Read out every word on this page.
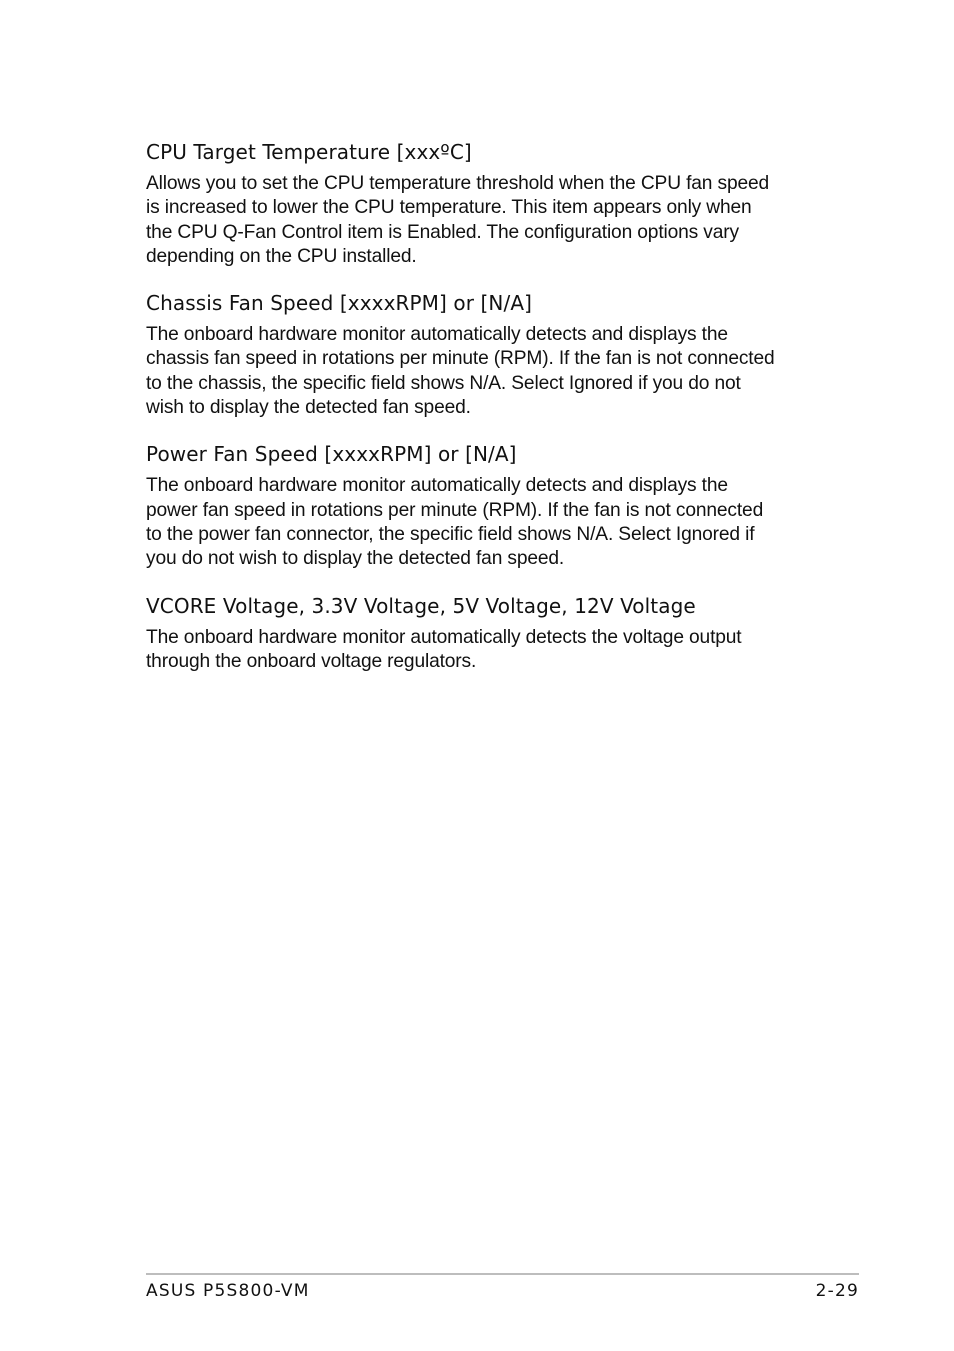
CPU Target Temperature [xxxºC]

Allows you to set the CPU temperature threshold when the CPU fan speed
is increased to lower the CPU temperature. This item appears only when
the CPU Q-Fan Control item is Enabled. The configuration options vary
depending on the CPU installed.

Chassis Fan Speed [xxxxRPM] or [N/A]

The onboard hardware monitor automatically detects and displays the
chassis fan speed in rotations per minute (RPM). If the fan is not connected
to the chassis, the specific field shows N/A. Select Ignored if you do not
wish to display the detected fan speed.

Power Fan Speed [xxxxRPM] or [N/A]

The onboard hardware monitor automatically detects and displays the
power fan speed in rotations per minute (RPM). If the fan is not connected
to the power fan connector, the specific field shows N/A. Select Ignored if
you do not wish to display the detected fan speed.

VCORE Voltage, 3.3V Voltage, 5V Voltage, 12V Voltage

The onboard hardware monitor automatically detects the voltage output
through the onboard voltage regulators.

ASUS P5S800-VM	2-29
